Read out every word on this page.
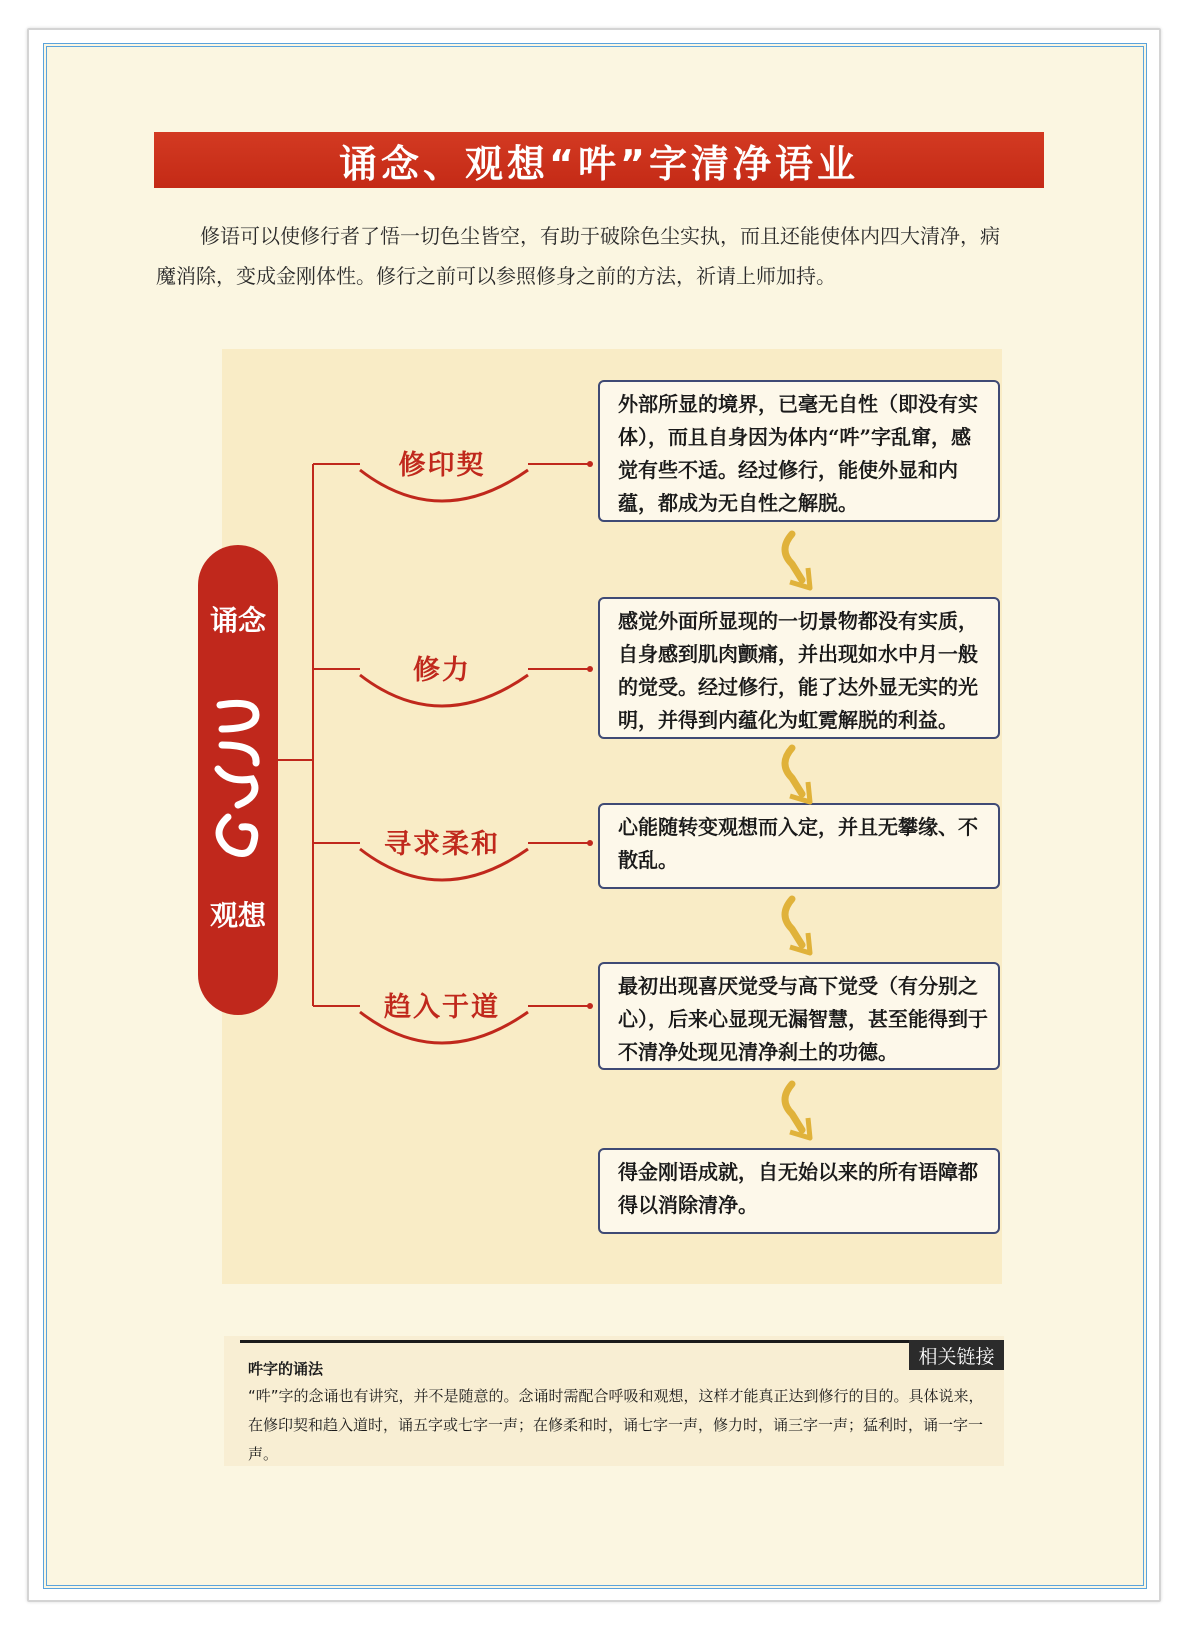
诵念、观想“吽”字清净语业

修语可以使修行者了悟一切色尘皆空，有助于破除色尘实执，而且还能使体内四大清净，病魔消除，变成金刚体性。修行之前可以参照修身之前的方法，祈请上师加持。

诵念
观想
修印契
修力
寻求柔和
趋入于道
外部所显的境界，已毫无自性（即没有实体），而且自身因为体内“吽”字乱窜，感觉有些不适。经过修行，能使外显和内蕴，都成为无自性之解脱。
感觉外面所显现的一切景物都没有实质，自身感到肌肉颤痛，并出现如水中月一般的觉受。经过修行，能了达外显无实的光明，并得到内蕴化为虹霓解脱的利益。
心能随转变观想而入定，并且无攀缘、不散乱。
最初出现喜厌觉受与高下觉受（有分别之心），后来心显现无漏智慧，甚至能得到于不清净处现见清净刹土的功德。
得金刚语成就，自无始以来的所有语障都得以消除清净。
相关链接
吽字的诵法

“吽”字的念诵也有讲究，并不是随意的。念诵时需配合呼吸和观想，这样才能真正达到修行的目的。具体说来，在修印契和趋入道时，诵五字或七字一声；在修柔和时，诵七字一声，修力时，诵三字一声；猛利时，诵一字一声。
